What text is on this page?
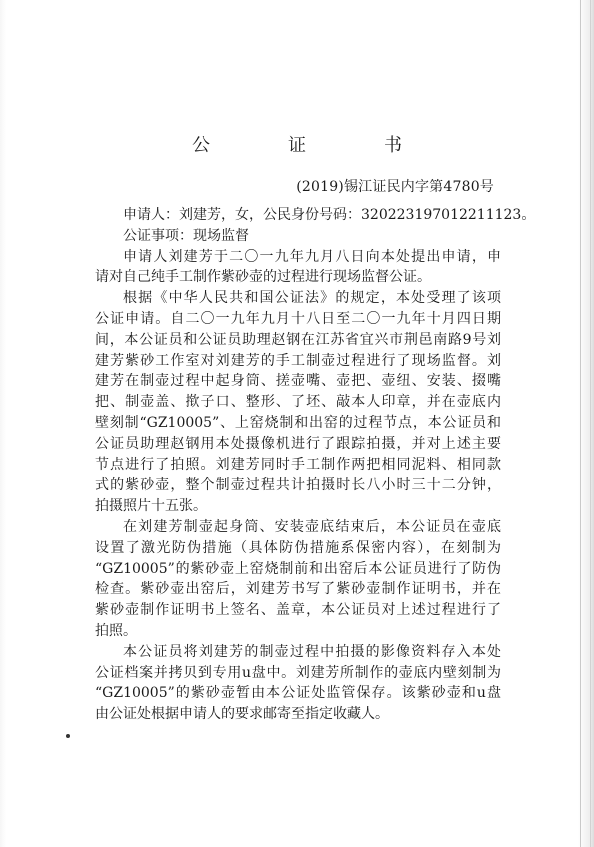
公　证　书
(2019)锡江证民内字第4780号
申请人：刘建芳，女，公民身份号码：320223197012211123。
公证事项：现场监督
申请人刘建芳于二〇一九年九月八日向本处提出申请，申
请对自己纯手工制作紫砂壶的过程进行现场监督公证。
根据《中华人民共和国公证法》的规定，本处受理了该项
公证申请。自二〇一九年九月十八日至二〇一九年十月四日期
间，本公证员和公证员助理赵钢在江苏省宜兴市荆邑南路9号刘
建芳紫砂工作室对刘建芳的手工制壶过程进行了现场监督。刘
建芳在制壶过程中起身筒、搓壶嘴、壶把、壶纽、安装、掇嘴
把、制壶盖、揿子口、整形、了坯、敲本人印章，并在壶底内
壁刻制“GZ10005”、上窑烧制和出窑的过程节点，本公证员和
公证员助理赵钢用本处摄像机进行了跟踪拍摄，并对上述主要
节点进行了拍照。刘建芳同时手工制作两把相同泥料、相同款
式的紫砂壶，整个制壶过程共计拍摄时长八小时三十二分钟，
拍摄照片十五张。
在刘建芳制壶起身筒、安装壶底结束后，本公证员在壶底
设置了激光防伪措施（具体防伪措施系保密内容），在刻制为
“GZ10005”的紫砂壶上窑烧制前和出窑后本公证员进行了防伪
检查。紫砂壶出窑后，刘建芳书写了紫砂壶制作证明书，并在
紫砂壶制作证明书上签名、盖章，本公证员对上述过程进行了
拍照。
本公证员将刘建芳的制壶过程中拍摄的影像资料存入本处
公证档案并拷贝到专用u盘中。刘建芳所制作的壶底内壁刻制为
“GZ10005”的紫砂壶暂由本公证处监管保存。该紫砂壶和u盘
由公证处根据申请人的要求邮寄至指定收藏人。
